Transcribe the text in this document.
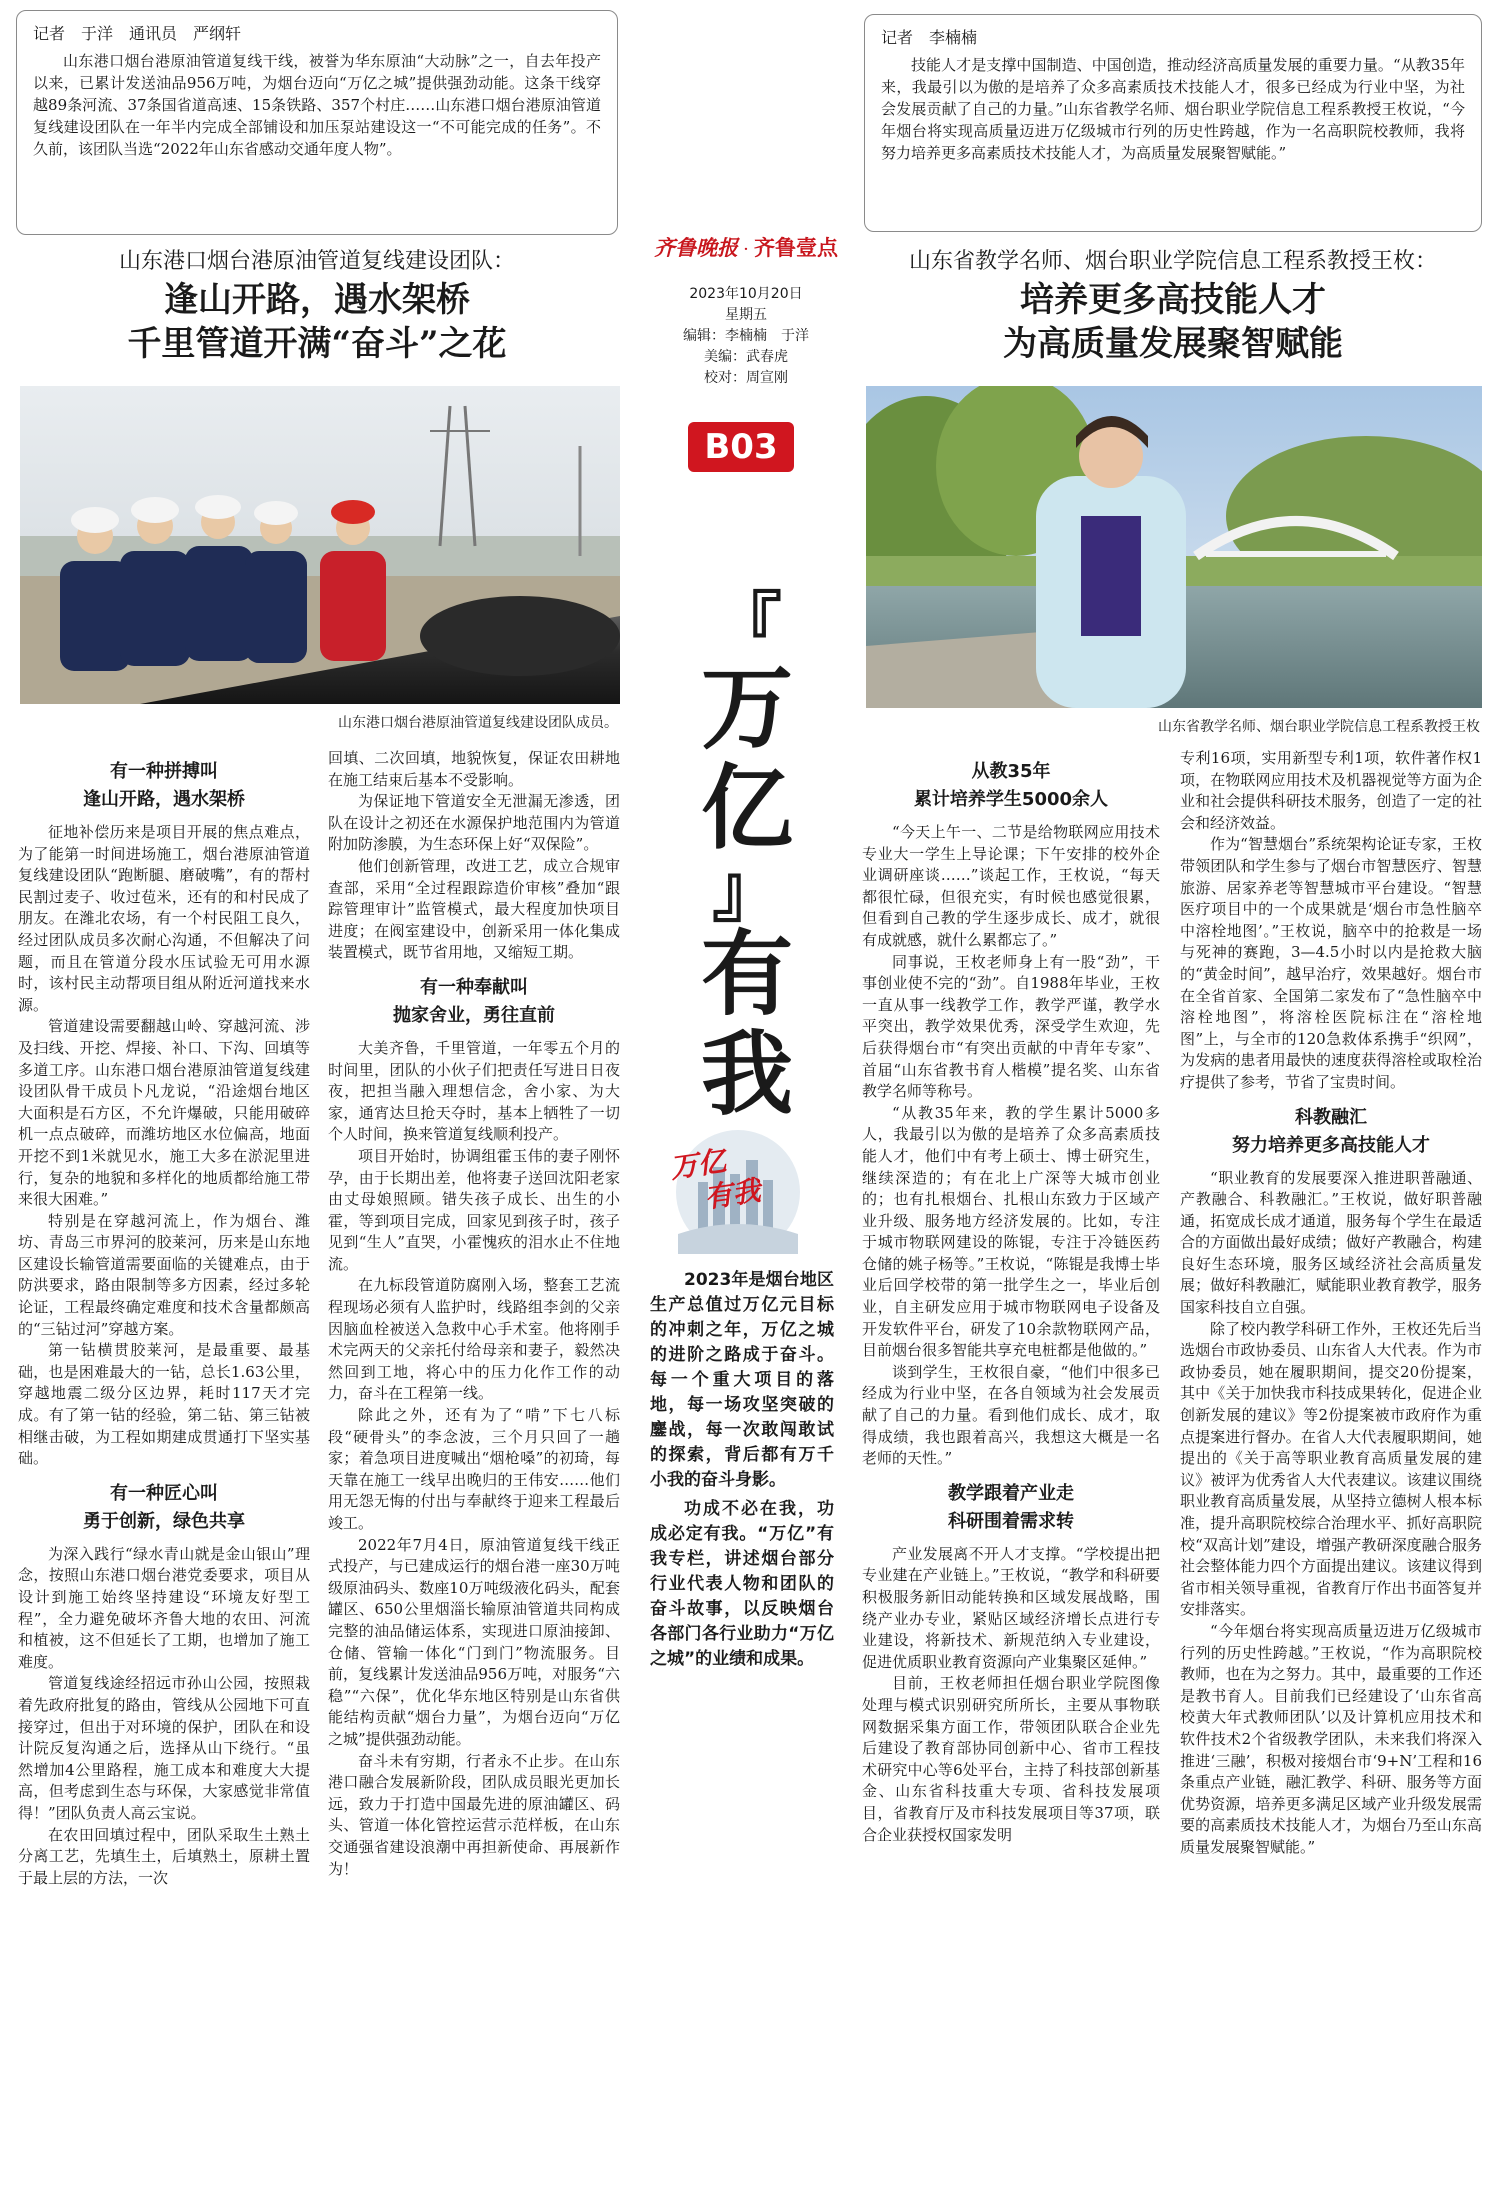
记者　于洋　通讯员　严纲轩

山东港口烟台港原油管道复线干线，被誉为华东原油“大动脉”之一，自去年投产以来，已累计发送油品956万吨，为烟台迈向“万亿之城”提供强劲动能。这条干线穿越89条河流、37条国省道高速、15条铁路、357个村庄……山东港口烟台港原油管道复线建设团队在一年半内完成全部铺设和加压泵站建设这一“不可能完成的任务”。不久前，该团队当选“2022年山东省感动交通年度人物”。

山东港口烟台港原油管道复线建设团队：
逢山开路，遇水架桥
千里管道开满“奋斗”之花
山东港口烟台港原油管道复线建设团队成员。
有一种拼搏叫
逢山开路，遇水架桥

征地补偿历来是项目开展的焦点难点，为了能第一时间进场施工，烟台港原油管道复线建设团队“跑断腿、磨破嘴”，有的帮村民割过麦子、收过苞米，还有的和村民成了朋友。在潍北农场，有一个村民阻工良久，经过团队成员多次耐心沟通，不但解决了问题，而且在管道分段水压试验无可用水源时，该村民主动帮项目组从附近河道找来水源。

管道建设需要翻越山岭、穿越河流、涉及扫线、开挖、焊接、补口、下沟、回填等多道工序。山东港口烟台港原油管道复线建设团队骨干成员卜凡龙说，“沿途烟台地区大面积是石方区，不允许爆破，只能用破碎机一点点破碎，而潍坊地区水位偏高，地面开挖不到1米就见水，施工大多在淤泥里进行，复杂的地貌和多样化的地质都给施工带来很大困难。”

特别是在穿越河流上，作为烟台、潍坊、青岛三市界河的胶莱河，历来是山东地区建设长输管道需要面临的关键难点，由于防洪要求，路由限制等多方因素，经过多轮论证，工程最终确定难度和技术含量都颇高的“三钻过河”穿越方案。

第一钻横贯胶莱河，是最重要、最基础，也是困难最大的一钻，总长1.63公里，穿越地震二级分区边界，耗时117天才完成。有了第一钻的经验，第二钻、第三钻被相继击破，为工程如期建成贯通打下坚实基础。

有一种匠心叫
勇于创新，绿色共享

为深入践行“绿水青山就是金山银山”理念，按照山东港口烟台港党委要求，项目从设计到施工始终坚持建设“环境友好型工程”，全力避免破坏齐鲁大地的农田、河流和植被，这不但延长了工期，也增加了施工难度。

管道复线途经招远市孙山公园，按照栽着先政府批复的路由，管线从公园地下可直接穿过，但出于对环境的保护，团队在和设计院反复沟通之后，选择从山下绕行。“虽然增加4公里路程，施工成本和难度大大提高，但考虑到生态与环保，大家感觉非常值得！”团队负责人高云宝说。

在农田回填过程中，团队采取生土熟土分离工艺，先填生土，后填熟土，原耕土置于最上层的方法，一次

回填、二次回填，地貌恢复，保证农田耕地在施工结束后基本不受影响。

为保证地下管道安全无泄漏无渗透，团队在设计之初还在水源保护地范围内为管道附加防渗膜，为生态环保上好“双保险”。

他们创新管理，改进工艺，成立合规审查部，采用“全过程跟踪造价审核”叠加“跟踪管理审计”监管模式，最大程度加快项目进度；在阀室建设中，创新采用一体化集成装置模式，既节省用地，又缩短工期。

有一种奉献叫
抛家舍业，勇往直前

大美齐鲁，千里管道，一年零五个月的时间里，团队的小伙子们把责任写进日日夜夜，把担当融入理想信念，舍小家、为大家，通宵达旦抢天夺时，基本上牺牲了一切个人时间，换来管道复线顺利投产。

项目开始时，协调组霍玉伟的妻子刚怀孕，由于长期出差，他将妻子送回沈阳老家由丈母娘照顾。错失孩子成长、出生的小霍，等到项目完成，回家见到孩子时，孩子见到“生人”直哭，小霍愧疚的泪水止不住地流。

在九标段管道防腐刚入场，整套工艺流程现场必须有人监护时，线路组李剑的父亲因脑血栓被送入急救中心手术室。他将刚手术完两天的父亲托付给母亲和妻子，毅然决然回到工地，将心中的压力化作工作的动力，奋斗在工程第一线。

除此之外，还有为了“啃”下七八标段“硬骨头”的李念波，三个月只回了一趟家；着急项目进度喊出“烟枪嗓”的初琦，每天靠在施工一线早出晚归的王伟安……他们用无怨无悔的付出与奉献终于迎来工程最后竣工。

2022年7月4日，原油管道复线干线正式投产，与已建成运行的烟台港一座30万吨级原油码头、数座10万吨级液化码头，配套罐区、650公里烟淄长输原油管道共同构成完整的油品储运体系，实现进口原油接卸、仓储、管输一体化“门到门”物流服务。目前，复线累计发送油品956万吨，对服务“六稳”“六保”，优化华东地区特别是山东省供能结构贡献“烟台力量”，为烟台迈向“万亿之城”提供强劲动能。

奋斗未有穷期，行者永不止步。在山东港口融合发展新阶段，团队成员眼光更加长远，致力于打造中国最先进的原油罐区、码头、管道一体化管控运营示范样板，在山东交通强省建设浪潮中再担新使命、再展新作为！

齐鲁晚报 · 齐鲁壹点
2023年10月20日
星期五
编辑：李楠楠　于洋
美编：武春虎
校对：周宣刚
B03
『
万
亿
』
有
我
万亿
有我

2023年是烟台地区生产总值过万亿元目标的冲刺之年，万亿之城的进阶之路成于奋斗。每一个重大项目的落地，每一场攻坚突破的鏖战，每一次敢闯敢试的探索，背后都有万千小我的奋斗身影。

功成不必在我，功成必定有我。“万亿”有我专栏，讲述烟台部分行业代表人物和团队的奋斗故事，以反映烟台各部门各行业助力“万亿之城”的业绩和成果。

记者　李楠楠

技能人才是支撑中国制造、中国创造，推动经济高质量发展的重要力量。“从教35年来，我最引以为傲的是培养了众多高素质技术技能人才，很多已经成为行业中坚，为社会发展贡献了自己的力量。”山东省教学名师、烟台职业学院信息工程系教授王枚说，“今年烟台将实现高质量迈进万亿级城市行列的历史性跨越，作为一名高职院校教师，我将努力培养更多高素质技术技能人才，为高质量发展聚智赋能。”

山东省教学名师、烟台职业学院信息工程系教授王枚：
培养更多高技能人才
为高质量发展聚智赋能
山东省教学名师、烟台职业学院信息工程系教授王枚
从教35年
累计培养学生5000余人

“今天上午一、二节是给物联网应用技术专业大一学生上导论课；下午安排的校外企业调研座谈……”谈起工作，王枚说，“每天都很忙碌，但很充实，有时候也感觉很累，但看到自己教的学生逐步成长、成才，就很有成就感，就什么累都忘了。”

同事说，王枚老师身上有一股“劲”，干事创业使不完的“劲”。自1988年毕业，王枚一直从事一线教学工作，教学严谨，教学水平突出，教学效果优秀，深受学生欢迎，先后获得烟台市“有突出贡献的中青年专家”、首届“山东省教书育人楷模”提名奖、山东省教学名师等称号。

“从教35年来，教的学生累计5000多人，我最引以为傲的是培养了众多高素质技能人才，他们中有考上硕士、博士研究生，继续深造的；有在北上广深等大城市创业的；也有扎根烟台、扎根山东致力于区域产业升级、服务地方经济发展的。比如，专注于城市物联网建设的陈锟，专注于冷链医药仓储的姚子杨等。”王枚说，“陈锟是我博士毕业后回学校带的第一批学生之一，毕业后创业，自主研发应用于城市物联网电子设备及开发软件平台，研发了10余款物联网产品，目前烟台很多智能共享充电桩都是他做的。”

谈到学生，王枚很自豪，“他们中很多已经成为行业中坚，在各自领域为社会发展贡献了自己的力量。看到他们成长、成才，取得成绩，我也跟着高兴，我想这大概是一名老师的天性。”

教学跟着产业走
科研围着需求转

产业发展离不开人才支撑。“学校提出把专业建在产业链上。”王枚说，“教学和科研要积极服务新旧动能转换和区域发展战略，围绕产业办专业，紧贴区域经济增长点进行专业建设，将新技术、新规范纳入专业建设，促进优质职业教育资源向产业集聚区延伸。”

目前，王枚老师担任烟台职业学院图像处理与模式识别研究所所长，主要从事物联网数据采集方面工作，带领团队联合企业先后建设了教育部协同创新中心、省市工程技术研究中心等6处平台，主持了科技部创新基金、山东省科技重大专项、省科技发展项目，省教育厅及市科技发展项目等37项，联合企业获授权国家发明

专利16项，实用新型专利1项，软件著作权1项，在物联网应用技术及机器视觉等方面为企业和社会提供科研技术服务，创造了一定的社会和经济效益。

作为“智慧烟台”系统架构论证专家，王枚带领团队和学生参与了烟台市智慧医疗、智慧旅游、居家养老等智慧城市平台建设。“智慧医疗项目中的一个成果就是‘烟台市急性脑卒中溶栓地图’。”王枚说，脑卒中的抢救是一场与死神的赛跑，3—4.5小时以内是抢救大脑的“黄金时间”，越早治疗，效果越好。烟台市在全省首家、全国第二家发布了“急性脑卒中溶栓地图”，将溶栓医院标注在“溶栓地图”上，与全市的120急救体系携手“织网”，为发病的患者用最快的速度获得溶栓或取栓治疗提供了参考，节省了宝贵时间。

科教融汇
努力培养更多高技能人才

“职业教育的发展要深入推进职普融通、产教融合、科教融汇。”王枚说，做好职普融通，拓宽成长成才通道，服务每个学生在最适合的方面做出最好成绩；做好产教融合，构建良好生态环境，服务区域经济社会高质量发展；做好科教融汇，赋能职业教育教学，服务国家科技自立自强。

除了校内教学科研工作外，王枚还先后当选烟台市政协委员、山东省人大代表。作为市政协委员，她在履职期间，提交20份提案，其中《关于加快我市科技成果转化，促进企业创新发展的建议》等2份提案被市政府作为重点提案进行督办。在省人大代表履职期间，她提出的《关于高等职业教育高质量发展的建议》被评为优秀省人大代表建议。该建议围绕职业教育高质量发展，从坚持立德树人根本标准，提升高职院校综合治理水平、抓好高职院校“双高计划”建设，增强产教研深度融合服务社会整体能力四个方面提出建议。该建议得到省市相关领导重视，省教育厅作出书面答复并安排落实。

“今年烟台将实现高质量迈进万亿级城市行列的历史性跨越。”王枚说，“作为高职院校教师，也在为之努力。其中，最重要的工作还是教书育人。目前我们已经建设了‘山东省高校黄大年式教师团队’以及计算机应用技术和软件技术2个省级教学团队，未来我们将深入推进‘三融’，积极对接烟台市‘9+N’工程和16条重点产业链，融汇教学、科研、服务等方面优势资源，培养更多满足区域产业升级发展需要的高素质技术技能人才，为烟台乃至山东高质量发展聚智赋能。”
